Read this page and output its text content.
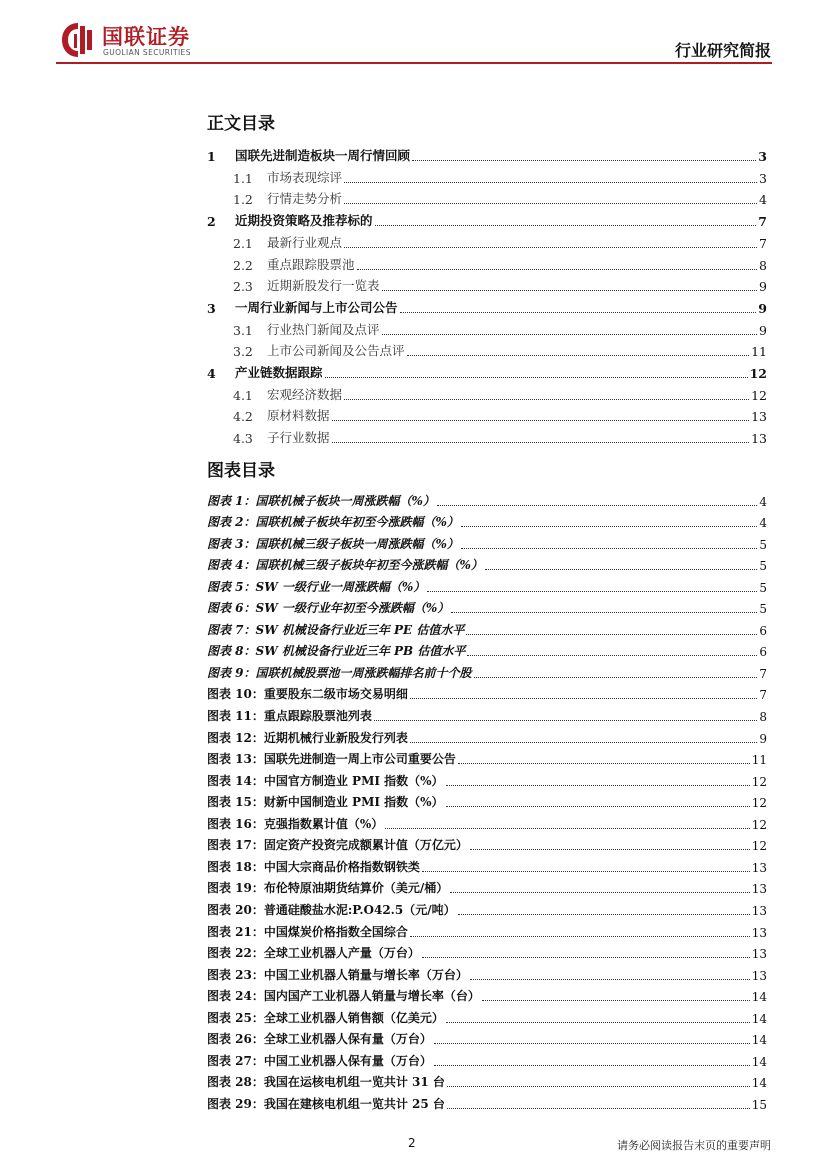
国联证券
GUOLIAN SECURITIES	行业研究简报
正文目录
1	国联先进制造板块一周行情回顾	3
1.1	市场表现综评	3
1.2	行情走势分析	4
2	近期投资策略及推荐标的	7
2.1	最新行业观点	7
2.2	重点跟踪股票池	8
2.3	近期新股发行一览表	9
3	一周行业新闻与上市公司公告	9
3.1	行业热门新闻及点评	9
3.2	上市公司新闻及公告点评	11
4	产业链数据跟踪	12
4.1	宏观经济数据	12
4.2	原材料数据	13
4.3	子行业数据	13
图表目录
图表 1：国联机械子板块一周涨跌幅（%）	4
图表 2：国联机械子板块年初至今涨跌幅（%）	4
图表 3：国联机械三级子板块一周涨跌幅（%）	5
图表 4：国联机械三级子板块年初至今涨跌幅（%）	5
图表 5：SW 一级行业一周涨跌幅（%）	5
图表 6：SW 一级行业年初至今涨跌幅（%）	5
图表 7：SW 机械设备行业近三年 PE 估值水平	6
图表 8：SW 机械设备行业近三年 PB 估值水平	6
图表 9：国联机械股票池一周涨跌幅排名前十个股	7
图表 10：重要股东二级市场交易明细	7
图表 11：重点跟踪股票池列表	8
图表 12：近期机械行业新股发行列表	9
图表 13：国联先进制造一周上市公司重要公告	11
图表 14：中国官方制造业 PMI 指数（%）	12
图表 15：财新中国制造业 PMI 指数（%）	12
图表 16：克强指数累计值（%）	12
图表 17：固定资产投资完成额累计值（万亿元）	12
图表 18：中国大宗商品价格指数钢铁类	13
图表 19：布伦特原油期货结算价（美元/桶）	13
图表 20：普通硅酸盐水泥:P.O42.5（元/吨）	13
图表 21：中国煤炭价格指数全国综合	13
图表 22：全球工业机器人产量（万台）	13
图表 23：中国工业机器人销量与增长率（万台）	13
图表 24：国内国产工业机器人销量与增长率（台）	14
图表 25：全球工业机器人销售额（亿美元）	14
图表 26：全球工业机器人保有量（万台）	14
图表 27：中国工业机器人保有量（万台）	14
图表 28：我国在运核电机组一览共计 31 台	14
图表 29：我国在建核电机组一览共计 25 台	15
2	请务必阅读报告末页的重要声明
